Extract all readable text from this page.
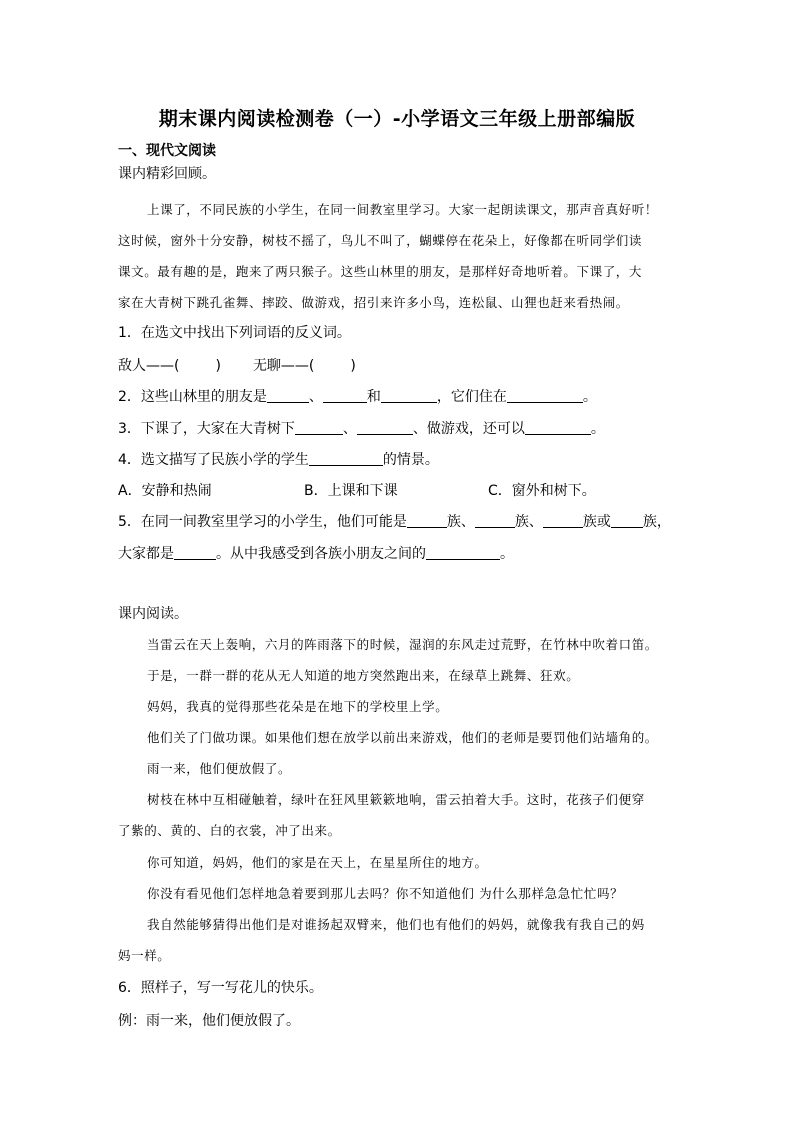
期末课内阅读检测卷（一）-小学语文三年级上册部编版
一、现代文阅读
课内精彩回顾。
上课了，不同民族的小学生，在同一间教室里学习。大家一起朗读课文，那声音真好听！
这时候，窗外十分安静，树枝不摇了，鸟儿不叫了，蝴蝶停在花朵上，好像都在听同学们读
课文。最有趣的是，跑来了两只猴子。这些山林里的朋友，是那样好奇地听着。下课了，大
家在大青树下跳孔雀舞、摔跤、做游戏，招引来许多小鸟，连松鼠、山狸也赶来看热闹。
1．在选文中找出下列词语的反义词。
敌人——(	) 无聊——(	)
2．这些山林里的朋友是	、	和	，它们住在	。
3．下课了，大家在大青树下	、	、做游戏，还可以	。
4．选文描写了民族小学的学生	的情景。
A．安静和热闹	B．上课和下课	C．窗外和树下。
5．在同一间教室里学习的小学生，他们可能是	族、	族、	族或 族，
大家都是	。从中我感受到各族小朋友之间的	。
课内阅读。
当雷云在天上轰响，六月的阵雨落下的时候，湿润的东风走过荒野，在竹林中吹着口笛。
于是，一群一群的花从无人知道的地方突然跑出来，在绿草上跳舞、狂欢。
妈妈，我真的觉得那些花朵是在地下的学校里上学。
他们关了门做功课。如果他们想在放学以前出来游戏，他们的老师是要罚他们站墙角的。
雨一来，他们便放假了。
树枝在林中互相碰触着，绿叶在狂风里簌簌地响，雷云拍着大手。这时，花孩子们便穿
了紫的、黄的、白的衣裳，冲了出来。
你可知道，妈妈，他们的家是在天上，在星星所住的地方。
你没有看见他们怎样地急着要到那儿去吗？你不知道他们 为什么那样急急忙忙吗？
我自然能够猜得出他们是对谁扬起双臂来，他们也有他们的妈妈，就像我有我自己的妈
妈一样。
6．照样子，写一写花儿的快乐。
例：雨一来，他们便放假了。
